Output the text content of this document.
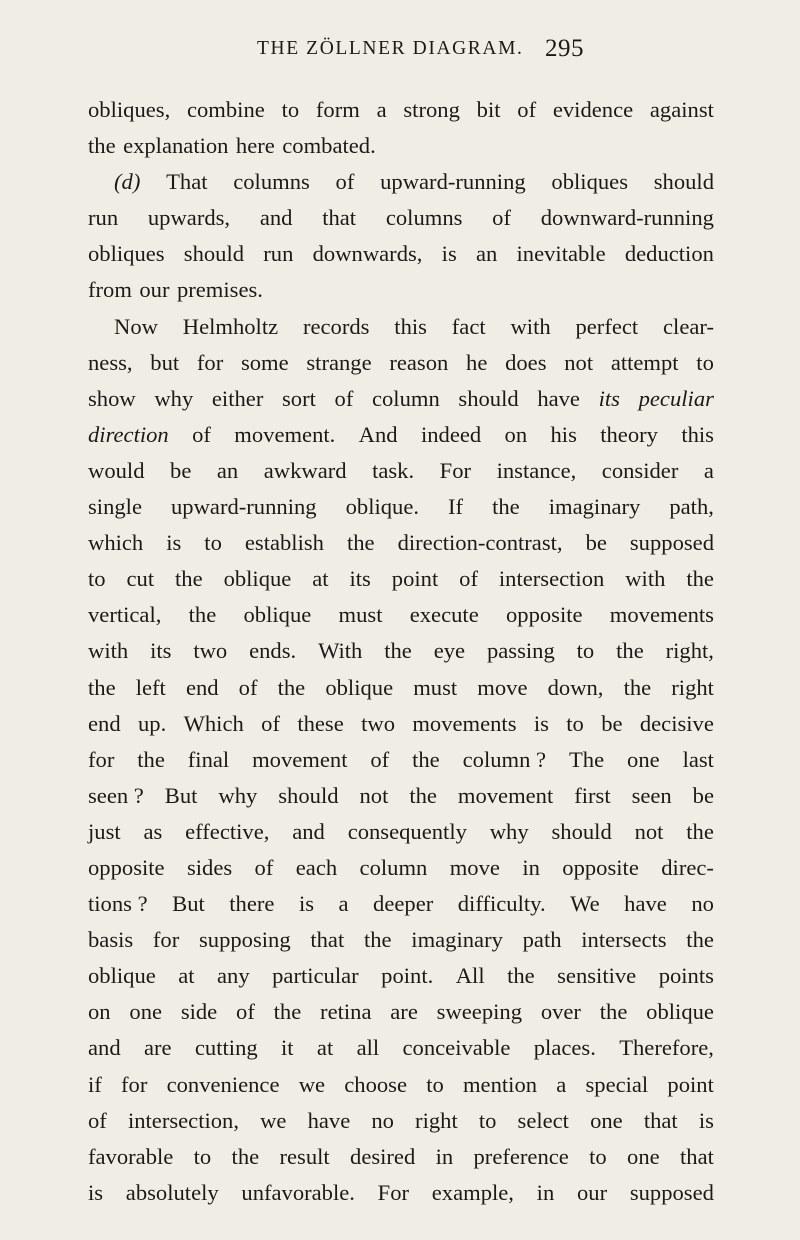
THE ZÖLLNER DIAGRAM. 295
obliques, combine to form a strong bit of evidence against
the explanation here combated.
(d) That columns of upward-running obliques should
run upwards, and that columns of downward-running
obliques should run downwards, is an inevitable deduction
from our premises.
Now Helmholtz records this fact with perfect clear-
ness, but for some strange reason he does not attempt to
show why either sort of column should have its peculiar
direction of movement. And indeed on his theory this
would be an awkward task. For instance, consider a
single upward-running oblique. If the imaginary path,
which is to establish the direction-contrast, be supposed
to cut the oblique at its point of intersection with the
vertical, the oblique must execute opposite movements
with its two ends. With the eye passing to the right,
the left end of the oblique must move down, the right
end up. Which of these two movements is to be decisive
for the final movement of the column ? The one last
seen ? But why should not the movement first seen be
just as effective, and consequently why should not the
opposite sides of each column move in opposite direc-
tions ? But there is a deeper difficulty. We have no
basis for supposing that the imaginary path intersects the
oblique at any particular point. All the sensitive points
on one side of the retina are sweeping over the oblique
and are cutting it at all conceivable places. Therefore,
if for convenience we choose to mention a special point
of intersection, we have no right to select one that is
favorable to the result desired in preference to one that
is absolutely unfavorable. For example, in our supposed
